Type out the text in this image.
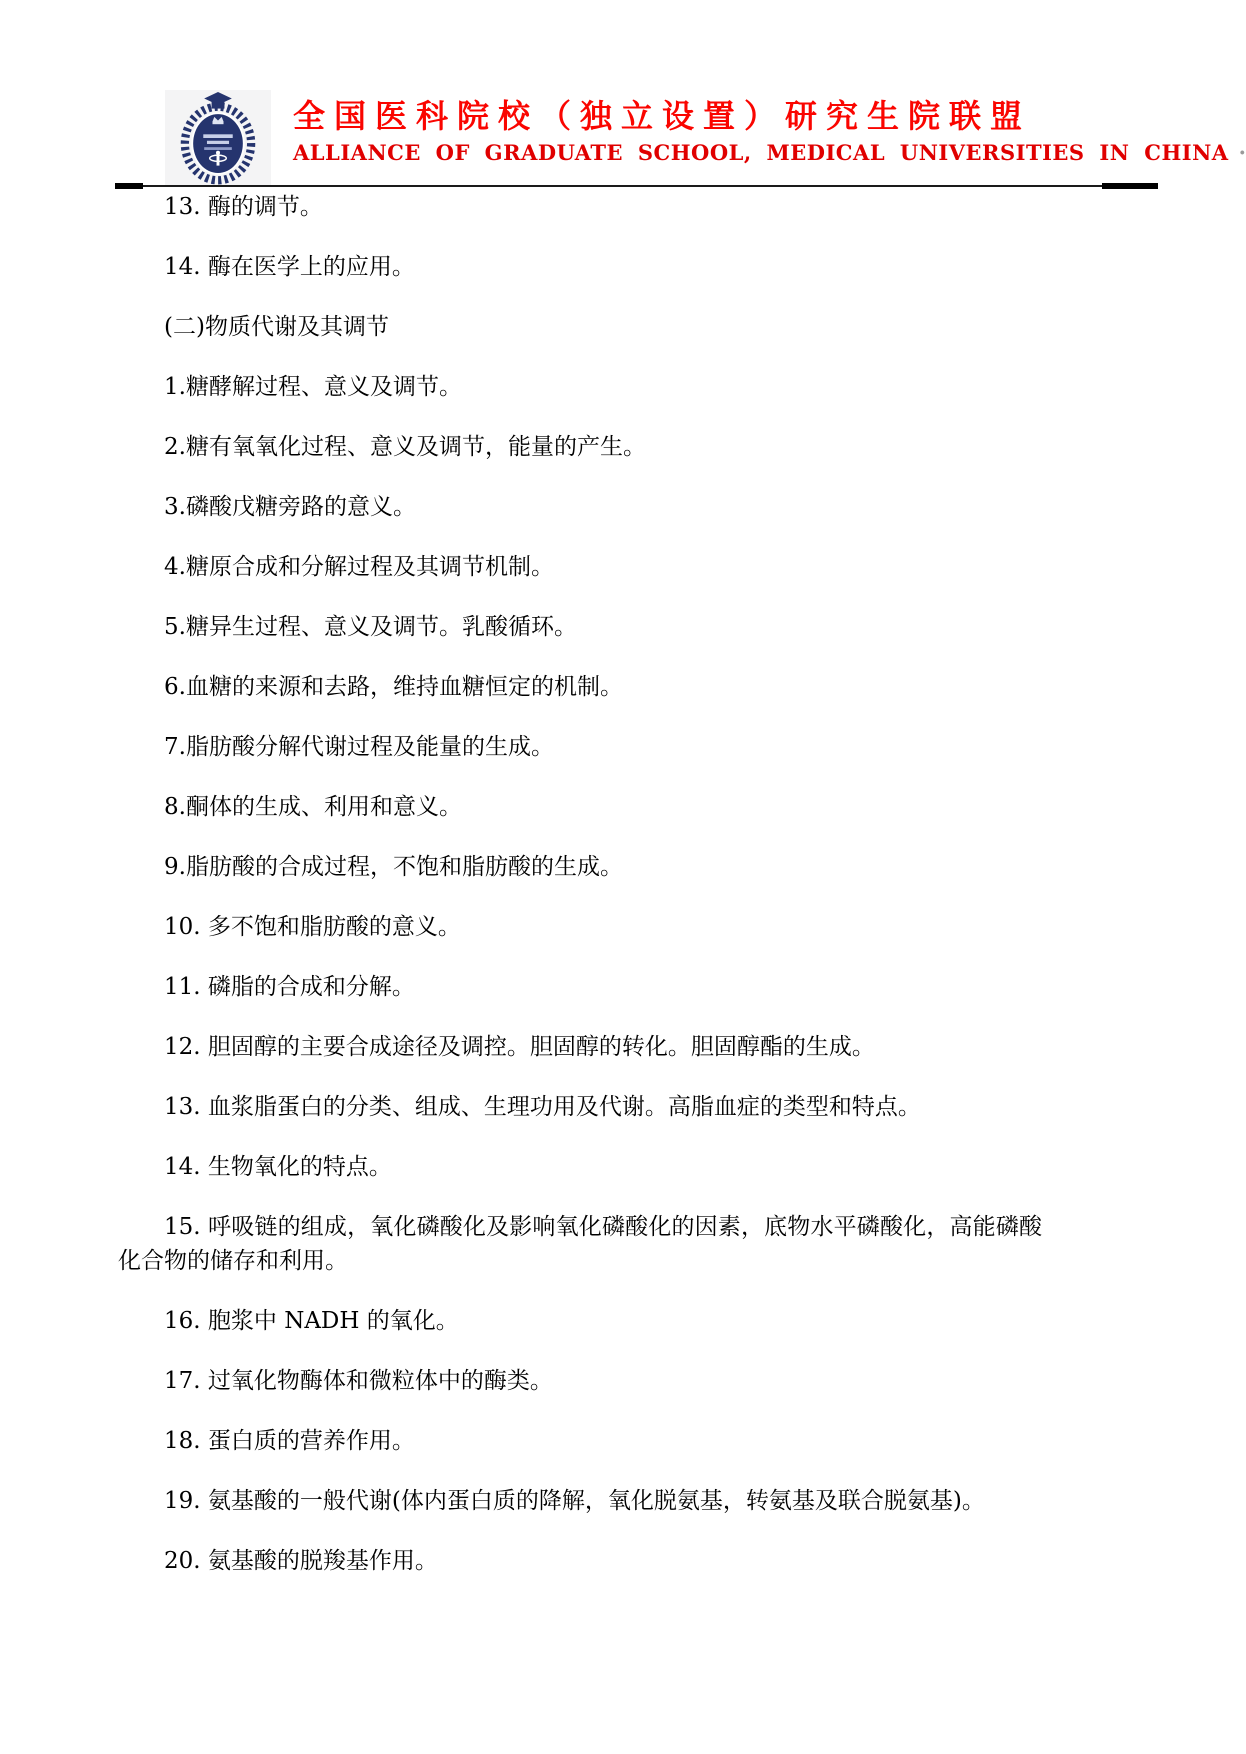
全国医科院校（独立设置）研究生院联盟
ALLIANCE OF GRADUATE SCHOOL, MEDICAL UNIVERSITIES IN CHINA ·

13. 酶的调节。

14. 酶在医学上的应用。

(二)物质代谢及其调节

1.糖酵解过程、意义及调节。

2.糖有氧氧化过程、意义及调节，能量的产生。

3.磷酸戊糖旁路的意义。

4.糖原合成和分解过程及其调节机制。

5.糖异生过程、意义及调节。乳酸循环。

6.血糖的来源和去路，维持血糖恒定的机制。

7.脂肪酸分解代谢过程及能量的生成。

8.酮体的生成、利用和意义。

9.脂肪酸的合成过程，不饱和脂肪酸的生成。

10. 多不饱和脂肪酸的意义。

11. 磷脂的合成和分解。

12. 胆固醇的主要合成途径及调控。胆固醇的转化。胆固醇酯的生成。

13. 血浆脂蛋白的分类、组成、生理功用及代谢。高脂血症的类型和特点。

14. 生物氧化的特点。

15. 呼吸链的组成，氧化磷酸化及影响氧化磷酸化的因素，底物水平磷酸化，高能磷酸化合物的储存和利用。

16. 胞浆中 NADH 的氧化。

17. 过氧化物酶体和微粒体中的酶类。

18. 蛋白质的营养作用。

19. 氨基酸的一般代谢(体内蛋白质的降解，氧化脱氨基，转氨基及联合脱氨基)。

20. 氨基酸的脱羧基作用。
